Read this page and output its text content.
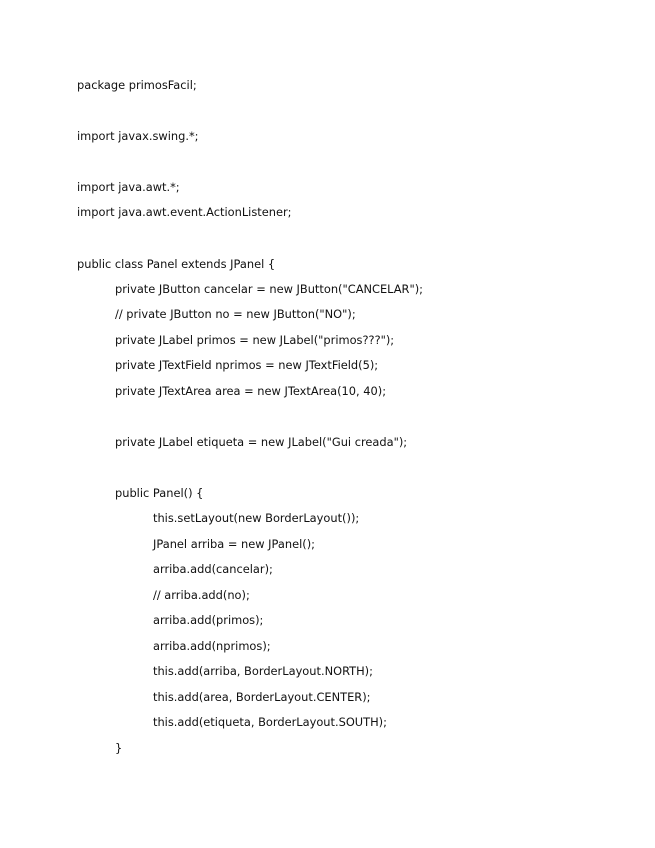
package primosFacil;
import javax.swing.*;
import java.awt.*;
import java.awt.event.ActionListener;
public class Panel extends JPanel {
private JButton cancelar = new JButton("CANCELAR");
// private JButton no = new JButton("NO");
private JLabel primos = new JLabel("primos???");
private JTextField nprimos = new JTextField(5);
private JTextArea area = new JTextArea(10, 40);
private JLabel etiqueta = new JLabel("Gui creada");
public Panel() {
this.setLayout(new BorderLayout());
JPanel arriba = new JPanel();
arriba.add(cancelar);
// arriba.add(no);
arriba.add(primos);
arriba.add(nprimos);
this.add(arriba, BorderLayout.NORTH);
this.add(area, BorderLayout.CENTER);
this.add(etiqueta, BorderLayout.SOUTH);
}
